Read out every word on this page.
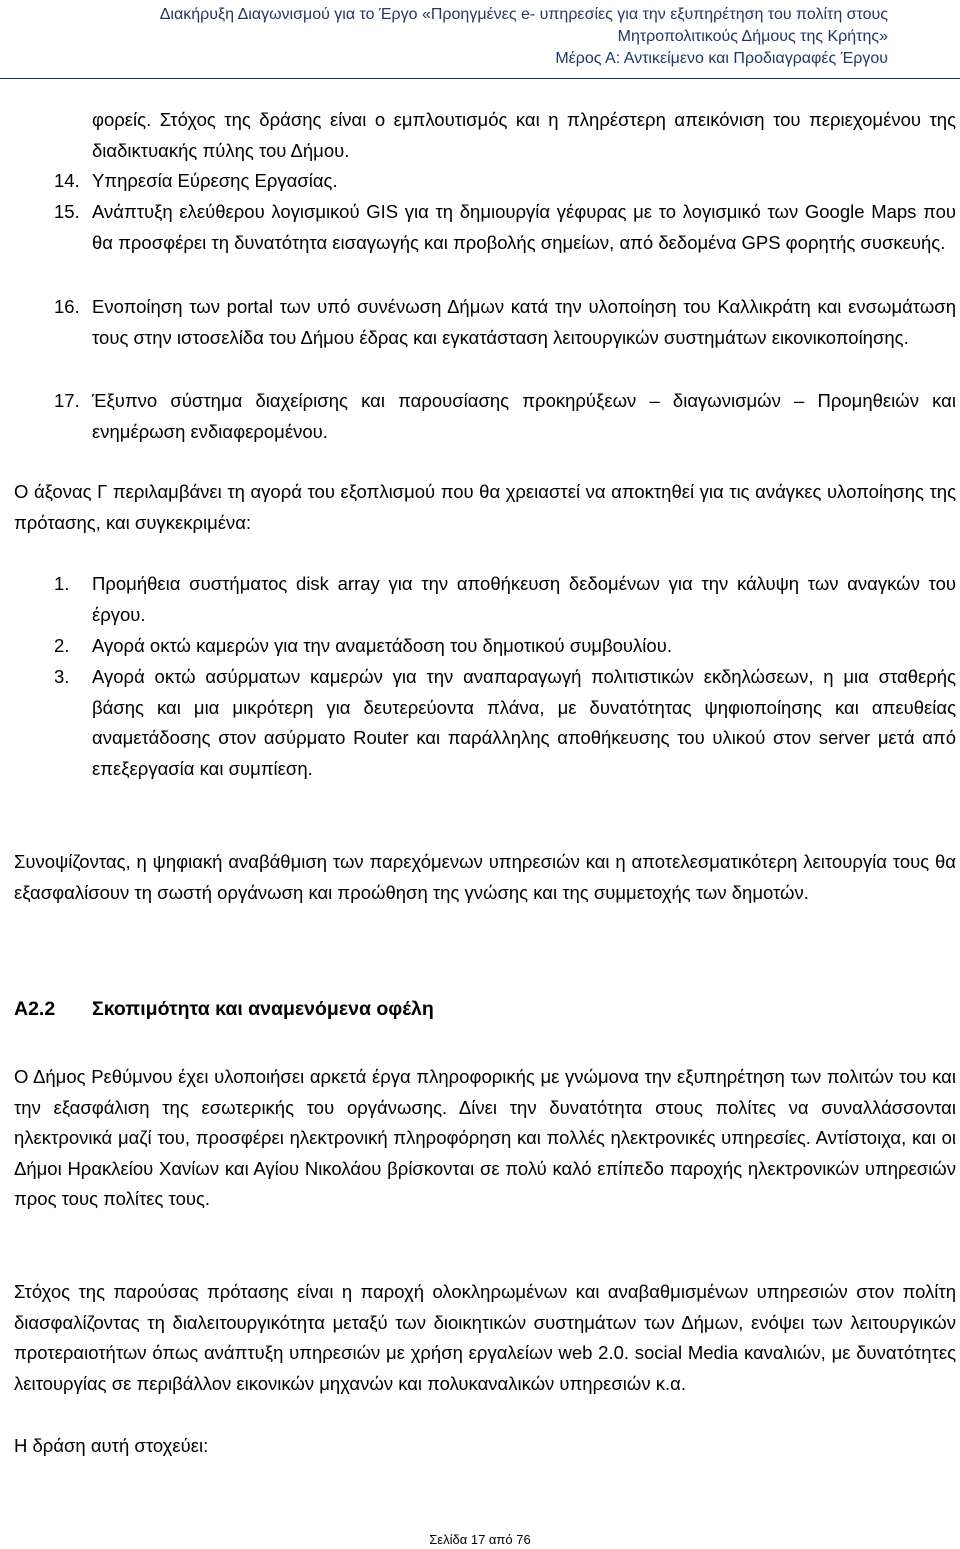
Διακήρυξη Διαγωνισμού για το Έργο «Προηγμένες e- υπηρεσίες για την εξυπηρέτηση του πολίτη στους
Μητροπολιτικούς Δήμους της Κρήτης»
Μέρος Α: Αντικείμενο και Προδιαγραφές Έργου

φορείς. Στόχος της δράσης είναι ο εμπλουτισμός και η πληρέστερη απεικόνιση του περιεχομένου της διαδικτυακής πύλης του Δήμου.

14. Υπηρεσία Εύρεσης Εργασίας.
15. Ανάπτυξη ελεύθερου λογισμικού GIS για τη δημιουργία γέφυρας με το λογισμικό των Google Maps που θα προσφέρει τη δυνατότητα εισαγωγής και προβολής σημείων, από δεδομένα GPS φορητής συσκευής.
16. Ενοποίηση των portal των υπό συνένωση Δήμων κατά την υλοποίηση του Καλλικράτη και ενσωμάτωση τους στην ιστοσελίδα του Δήμου έδρας και εγκατάσταση λειτουργικών συστημάτων εικονικοποίησης.
17. Έξυπνο σύστημα διαχείρισης και παρουσίασης προκηρύξεων – διαγωνισμών – Προμηθειών και ενημέρωση ενδιαφερομένου.

Ο άξονας Γ περιλαμβάνει τη αγορά του εξοπλισμού που θα χρειαστεί να αποκτηθεί για τις ανάγκες υλοποίησης της πρότασης, και συγκεκριμένα:

1. Προμήθεια συστήματος disk array για την αποθήκευση δεδομένων για την κάλυψη των αναγκών του έργου.
2. Αγορά οκτώ καμερών για την αναμετάδοση του δημοτικού συμβουλίου.
3. Αγορά οκτώ ασύρματων καμερών για την αναπαραγωγή πολιτιστικών εκδηλώσεων, η μια σταθερής βάσης και μια μικρότερη για δευτερεύοντα πλάνα, με δυνατότητας ψηφιοποίησης και απευθείας αναμετάδοσης στον ασύρματο Router και παράλληλης αποθήκευσης του υλικού στον server μετά από επεξεργασία και συμπίεση.

Συνοψίζοντας, η ψηφιακή αναβάθμιση των παρεχόμενων υπηρεσιών και η αποτελεσματικότερη λειτουργία τους θα εξασφαλίσουν τη σωστή οργάνωση και προώθηση της γνώσης και της συμμετοχής των δημοτών.

Α2.2 Σκοπιμότητα και αναμενόμενα οφέλη

Ο Δήμος Ρεθύμνου έχει υλοποιήσει αρκετά έργα πληροφορικής με γνώμονα την εξυπηρέτηση των πολιτών του και την εξασφάλιση της εσωτερικής του οργάνωσης. Δίνει την δυνατότητα στους πολίτες να συναλλάσσονται ηλεκτρονικά μαζί του, προσφέρει ηλεκτρονική πληροφόρηση και πολλές ηλεκτρονικές υπηρεσίες. Αντίστοιχα, και οι Δήμοι Ηρακλείου Χανίων και Αγίου Νικολάου βρίσκονται σε πολύ καλό επίπεδο παροχής ηλεκτρονικών υπηρεσιών προς τους πολίτες τους.

Στόχος της παρούσας πρότασης είναι η παροχή ολοκληρωμένων και αναβαθμισμένων υπηρεσιών στον πολίτη διασφαλίζοντας τη διαλειτουργικότητα μεταξύ των διοικητικών συστημάτων των Δήμων, ενόψει των λειτουργικών προτεραιοτήτων όπως ανάπτυξη υπηρεσιών με χρήση εργαλείων web 2.0. social Media καναλιών, με δυνατότητες λειτουργίας σε περιβάλλον εικονικών μηχανών και πολυκαναλικών υπηρεσιών κ.α.

Η δράση αυτή στοχεύει:

Σελίδα 17 από 76
